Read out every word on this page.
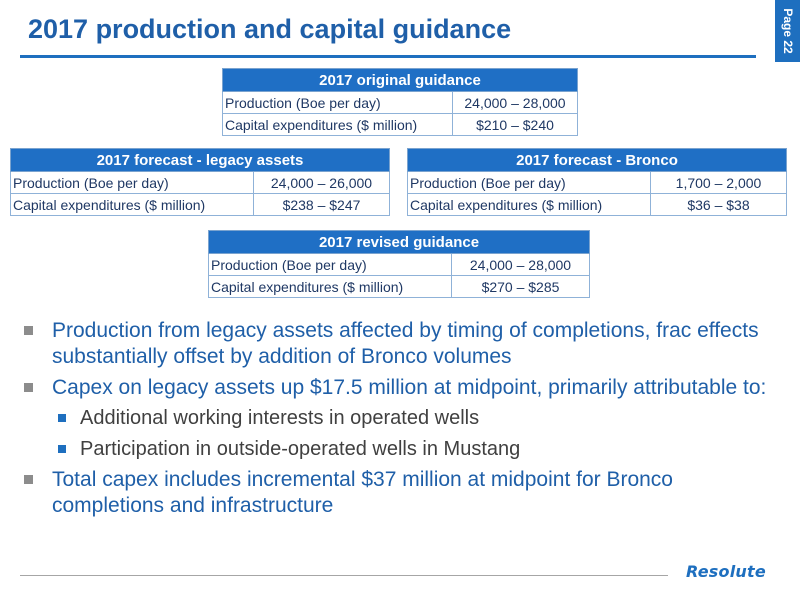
2017 production and capital guidance	Page 22
2017 original guidance	
Production (Boe per day)	24,000 – 28,000
Capital expenditures ($ million)	$210 – $240
2017 forecast - legacy assets	
Production (Boe per day)	24,000 – 26,000
Capital expenditures ($ million)	$238 – $247
2017 forecast - Bronco	
Production (Boe per day)	1,700 – 2,000
Capital expenditures ($ million)	$36 – $38
2017 revised guidance	
Production (Boe per day)	24,000 – 28,000
Capital expenditures ($ million)	$270 – $285
Production from legacy assets affected by timing of completions, frac effects substantially offset by addition of Bronco volumes
Capex on legacy assets up $17.5 million at midpoint, primarily attributable to:
Additional working interests in operated wells
Participation in outside-operated wells in Mustang
Total capex includes incremental $37 million at midpoint for Bronco completions and infrastructure
Resolute
